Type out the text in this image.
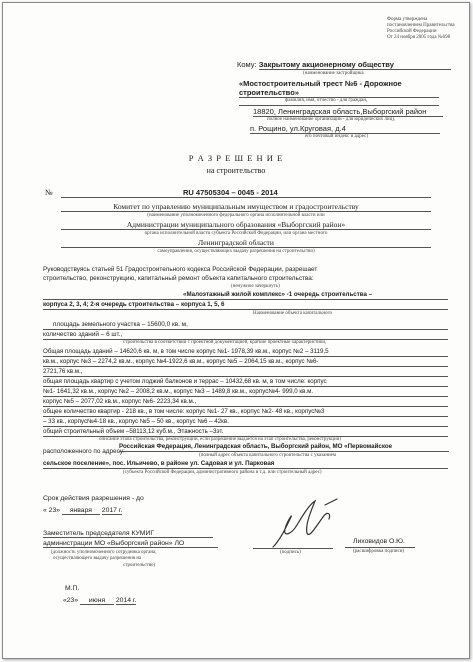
Форма утверждена
постановлением Правительства
Российской Федерации
От 24 ноября 2005 года №698
Кому: Закрытому акционерному обществу
(наименование застройщика
«Мостостроительный трест №6 - Дорожное
строительство»
фамилия, имя, отчество - для граждан,
18820, Ленинградская область,Выборгский район
полное наименование организации - для юридических лиц),
п. Рощино, ул.Круговая, д.4
его почтовый индекс и адрес)
Р А З Р Е Ш Е Н И Е
на строительство
№	RU 47505304 – 0045 - 2014
Комитет по управлению муниципальным имуществом и градостроительству
(наименование уполномоченного федерального органа исполнительной власти или
Администрации муниципального образования «Выборгский район»
органа исполнительной власти субъекта Российской Федерации, или органа местного
Ленинградской области
самоуправления, осуществляющих выдачу разрешения на строительство)
Руководствуясь статьей 51 Градостроительного кодекса Российской Федерации, разрешает
строительство, реконструкцию, капитальный ремонт объекта капитального строительства:
(ненужное зачеркнуть)
«Малоэтажный жилой комплекс» -1 очередь строительства –
корпуса 2, 3, 4; 2-я очередь строительства – корпуса 1, 5, 6
Наименование объекта капитального
площадь земельного участка – 15600,0 кв. м,
количество зданий – 6 шт.,
строительства в соответствии с проектной документацией, краткие проектные характеристики,
Общая площадь зданий – 14620,6 кв. м, в том числе корпус №1- 1978,39 кв.м., корпус №2 – 3119,5
кв.м., корпус №3 – 2274,2 кв.м., корпус №4-1922,6 кв.м., корпус №5 – 2064,15 кв.м., корпус №6-
2721,76 кв.м.,
общая площадь квартир с учетом лоджий балконов и террас – 10432,68 кв. м, в том числе: корпус
№1- 1641,32 кв.м., корпус №2 – 2008,2 кв.м., корпус №3 – 1489,8 кв.м., корпус№4- 999,0 кв.м.
корпус №5 – 2077,02 кв.м., корпус №6- 2223,34 кв.м.,
общее количество квартир - 218 кв., в том числе: корпус №1- 27 кв., корпус №2- 48 кв., корпус№3
– 33 кв., корпус№4-18 кв., корпус №5 – 50 кв., корпус №6 – 42кв.
общий строительный объем –58113,12 куб.м., Этажность –3эт.
описание этапа строительства, реконструкции, если разрешение выдается на этап строительства, реконструкции)
расположенного по адресу:
Российская Федерация, Ленинградская область, Выборгский район, МО «Первомайское
(полный адрес объекта капитального строительства с указанием
сельское поселение», пос. Ильичево, в районе ул. Садовая и ул. Парковая
(субъекта Российской Федерации, административного района и т.д. или строительный адрес)
Срок действия разрешения - до
« 23» января 2017 г.
Заместитель председателя КУМИГ
администрации МО «Выборгский район» ЛО
(должность уполномоченного сотрудника органа,
осуществляющего выдачу разрешения на
строительство)
(подпись)
Лиховидов О.Ю.
(расшифровка подписи)
М.П.
«23» июня 2014 г.
